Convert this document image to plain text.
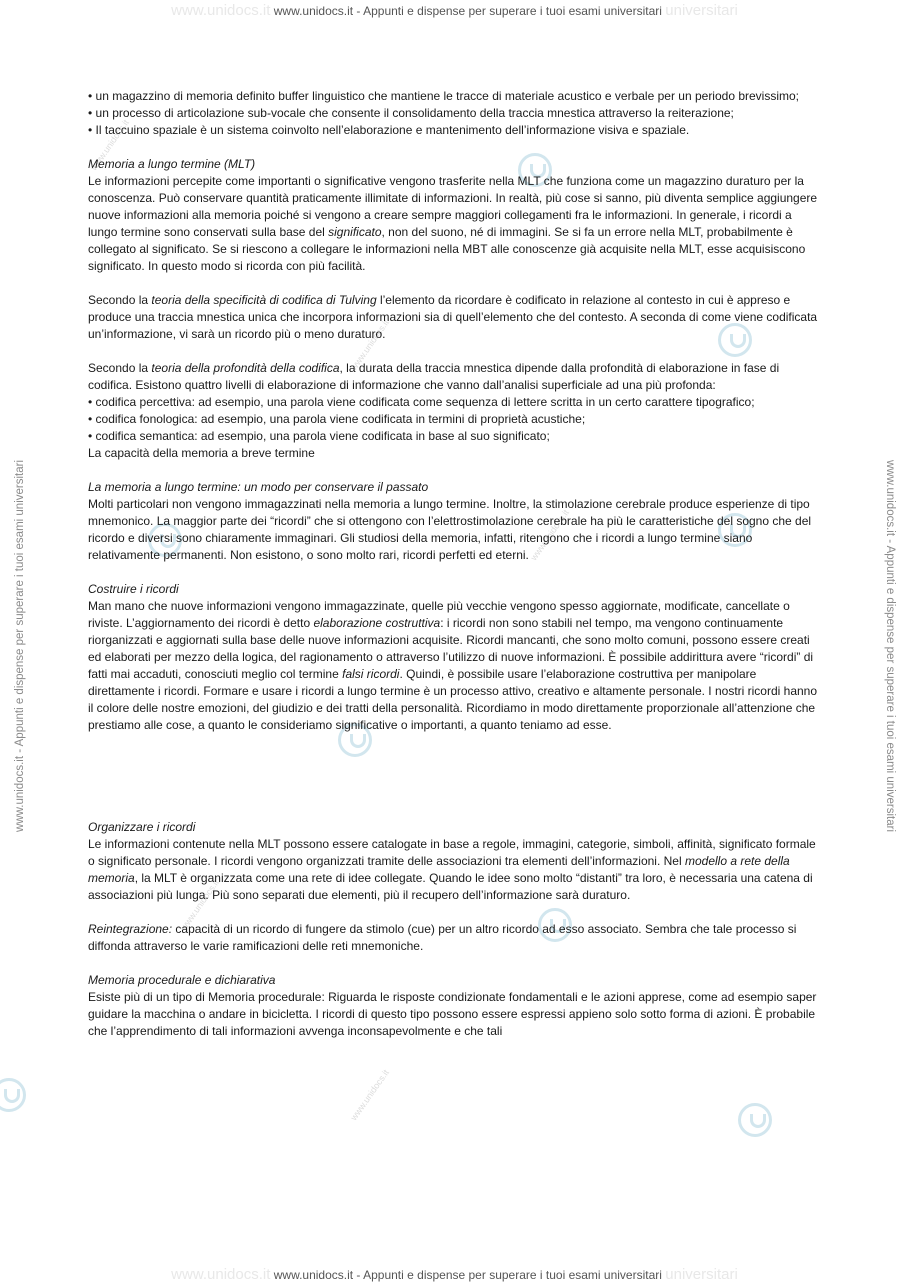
www.unidocs.it www.unidocs.it - Appunti e dispense per superare i tuoi esami universitari universitari
www.unidocs.it - Appunti e dispense per superare i tuoi esami universitari	www.unidocs.it - Appunti e dispense per superare i tuoi esami universitari
www.unidocs.it
www.unidocs.it
www.unidocs.it
www.unidocs.it
www.unidocs.it

• un magazzino di memoria definito buffer linguistico che mantiene le tracce di materiale acustico e verbale per un periodo brevissimo;

• un processo di articolazione sub-vocale che consente il consolidamento della traccia mnestica attraverso la reiterazione;

• Il taccuino spaziale è un sistema coinvolto nell’elaborazione e mantenimento dell’informazione visiva e spaziale.

Memoria a lungo termine (MLT)

Le informazioni percepite come importanti o significative vengono trasferite nella MLT che funziona come un magazzino duraturo per la conoscenza. Può conservare quantità praticamente illimitate di informazioni. In realtà, più cose si sanno, più diventa semplice aggiungere nuove informazioni alla memoria poiché si vengono a creare sempre maggiori collegamenti fra le informazioni. In generale, i ricordi a lungo termine sono conservati sulla base del significato, non del suono, né di immagini. Se si fa un errore nella MLT, probabilmente è collegato al significato. Se si riescono a collegare le informazioni nella MBT alle conoscenze già acquisite nella MLT, esse acquisiscono significato. In questo modo si ricorda con più facilità.

Secondo la teoria della specificità di codifica di Tulving l’elemento da ricordare è codificato in relazione al contesto in cui è appreso e produce una traccia mnestica unica che incorpora informazioni sia di quell’elemento che del contesto. A seconda di come viene codificata un’informazione, vi sarà un ricordo più o meno duraturo.

Secondo la teoria della profondità della codifica, la durata della traccia mnestica dipende dalla profondità di elaborazione in fase di codifica. Esistono quattro livelli di elaborazione di informazione che vanno dall’analisi superficiale ad una più profonda:

• codifica percettiva: ad esempio, una parola viene codificata come sequenza di lettere scritta in un certo carattere tipografico;

• codifica fonologica: ad esempio, una parola viene codificata in termini di proprietà acustiche;

• codifica semantica: ad esempio, una parola viene codificata in base al suo significato;

La capacità della memoria a breve termine

La memoria a lungo termine: un modo per conservare il passato

Molti particolari non vengono immagazzinati nella memoria a lungo termine. Inoltre, la stimolazione cerebrale produce esperienze di tipo mnemonico. La maggior parte dei “ricordi” che si ottengono con l’elettrostimolazione cerebrale ha più le caratteristiche del sogno che del ricordo e diversi sono chiaramente immaginari. Gli studiosi della memoria, infatti, ritengono che i ricordi a lungo termine siano relativamente permanenti. Non esistono, o sono molto rari, ricordi perfetti ed eterni.

Costruire i ricordi

Man mano che nuove informazioni vengono immagazzinate, quelle più vecchie vengono spesso aggiornate, modificate, cancellate o riviste. L’aggiornamento dei ricordi è detto elaborazione costruttiva: i ricordi non sono stabili nel tempo, ma vengono continuamente riorganizzati e aggiornati sulla base delle nuove informazioni acquisite. Ricordi mancanti, che sono molto comuni, possono essere creati ed elaborati per mezzo della logica, del ragionamento o attraverso l’utilizzo di nuove informazioni. È possibile addirittura avere “ricordi” di fatti mai accaduti, conosciuti meglio col termine falsi ricordi. Quindi, è possibile usare l’elaborazione costruttiva per manipolare direttamente i ricordi. Formare e usare i ricordi a lungo termine è un processo attivo, creativo e altamente personale. I nostri ricordi hanno il colore delle nostre emozioni, del giudizio e dei tratti della personalità. Ricordiamo in modo direttamente proporzionale all’attenzione che prestiamo alle cose, a quanto le consideriamo significative o importanti, a quanto teniamo ad esse.

Organizzare i ricordi

Le informazioni contenute nella MLT possono essere catalogate in base a regole, immagini, categorie, simboli, affinità, significato formale o significato personale. I ricordi vengono organizzati tramite delle associazioni tra elementi dell’informazioni. Nel modello a rete della memoria, la MLT è organizzata come una rete di idee collegate. Quando le idee sono molto “distanti” tra loro, è necessaria una catena di associazioni più lunga. Più sono separati due elementi, più il recupero dell’informazione sarà duraturo.

Reintegrazione: capacità di un ricordo di fungere da stimolo (cue) per un altro ricordo ad esso associato. Sembra che tale processo si diffonda attraverso le varie ramificazioni delle reti mnemoniche.

Memoria procedurale e dichiarativa

Esiste più di un tipo di Memoria procedurale: Riguarda le risposte condizionate fondamentali e le azioni apprese, come ad esempio saper guidare la macchina o andare in bicicletta. I ricordi di questo tipo possono essere espressi appieno solo sotto forma di azioni. È probabile che l’apprendimento di tali informazioni avvenga inconsapevolmente e che tali

www.unidocs.it www.unidocs.it - Appunti e dispense per superare i tuoi esami universitari universitari
